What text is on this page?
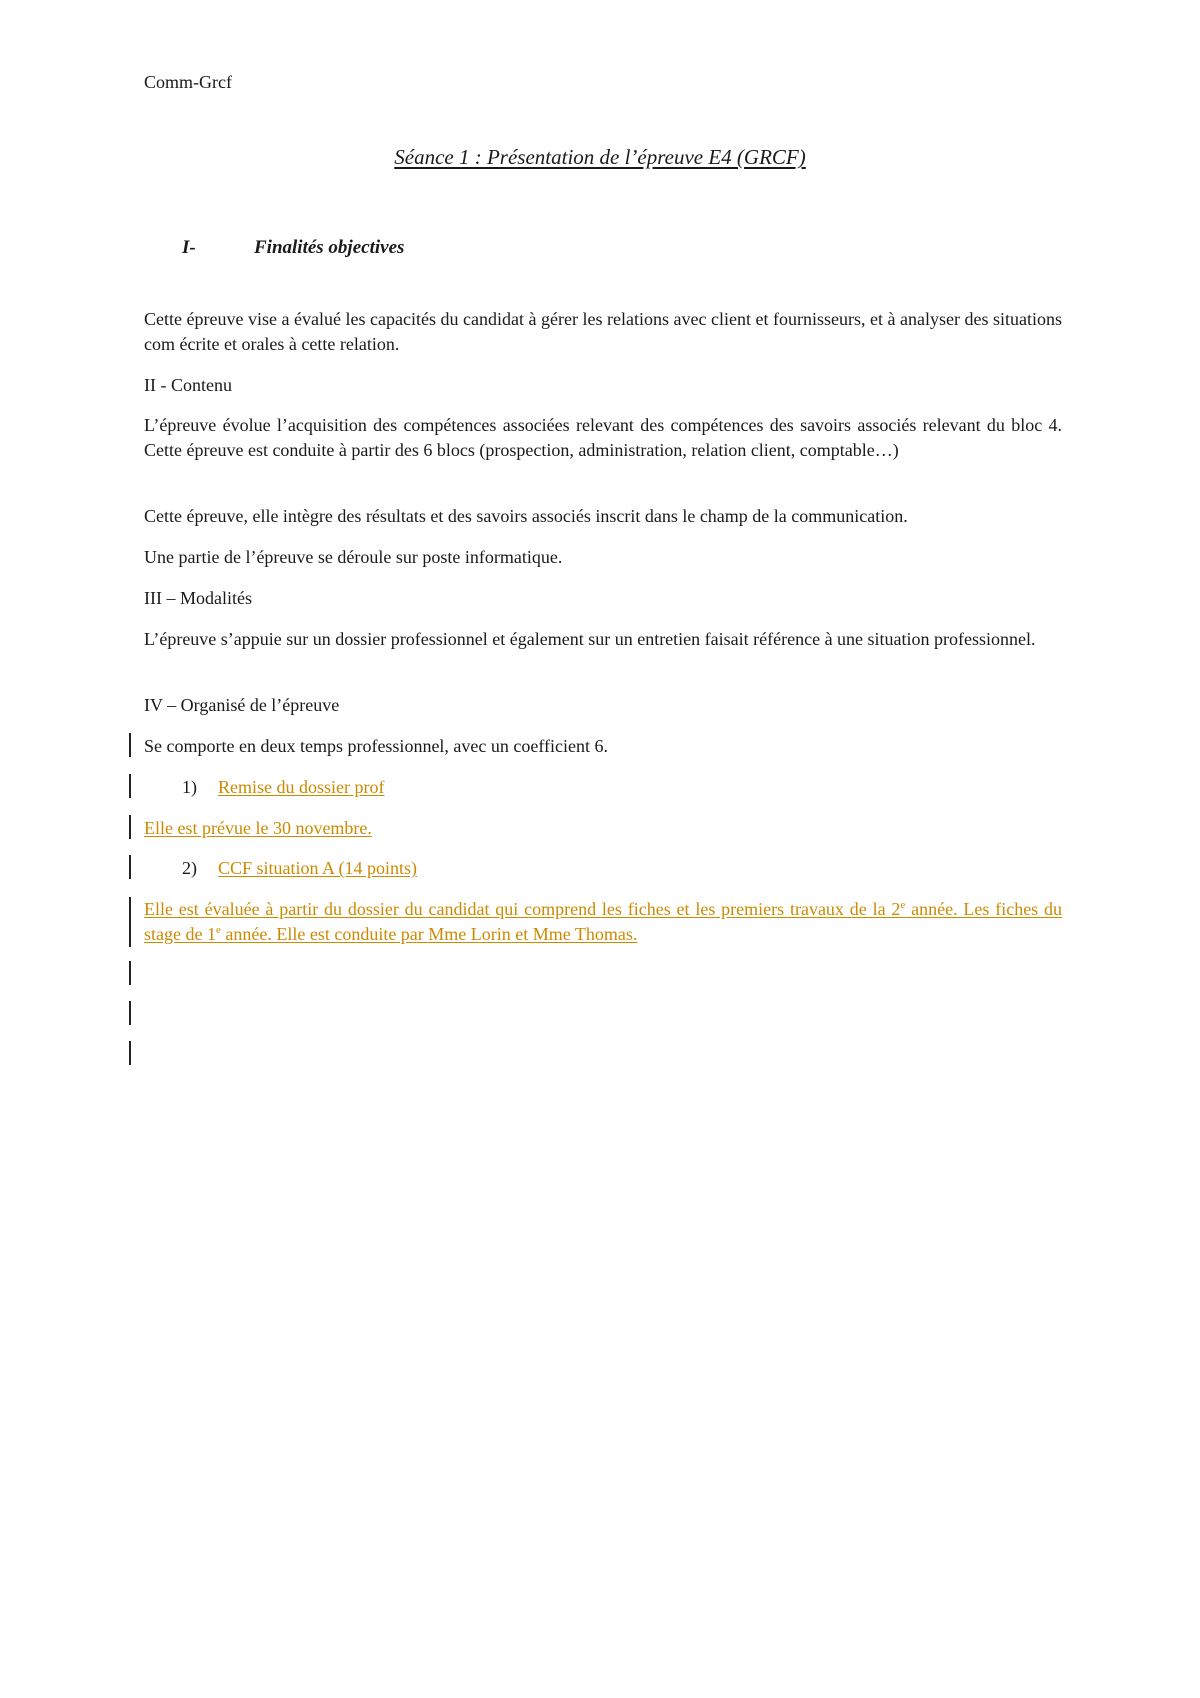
Comm-Grcf
Séance 1 : Présentation de l’épreuve E4 (GRCF)
I-	Finalités objectives
Cette épreuve vise a évalué les capacités du candidat à gérer les relations avec client et fournisseurs, et à analyser des situations com écrite et orales à cette relation.
II - Contenu
L’épreuve évolue l’acquisition des compétences associées relevant des compétences des savoirs associés relevant du bloc 4. Cette épreuve est conduite à partir des 6 blocs (prospection, administration, relation client, comptable…)
Cette épreuve, elle intègre des résultats et des savoirs associés inscrit dans le champ de la communication.
Une partie de l’épreuve se déroule sur poste informatique.
III – Modalités
L’épreuve s’appuie sur un dossier professionnel et également sur un entretien faisait référence à une situation professionnel.
IV – Organisé de l’épreuve
Se comporte en deux temps professionnel, avec un coefficient 6.
1) Remise du dossier prof
Elle est prévue le 30 novembre.
2) CCF situation A (14 points)
Elle est évaluée à partir du dossier du candidat qui comprend les fiches et les premiers travaux de la 2e année. Les fiches du stage de 1e année. Elle est conduite par Mme Lorin et Mme Thomas.
